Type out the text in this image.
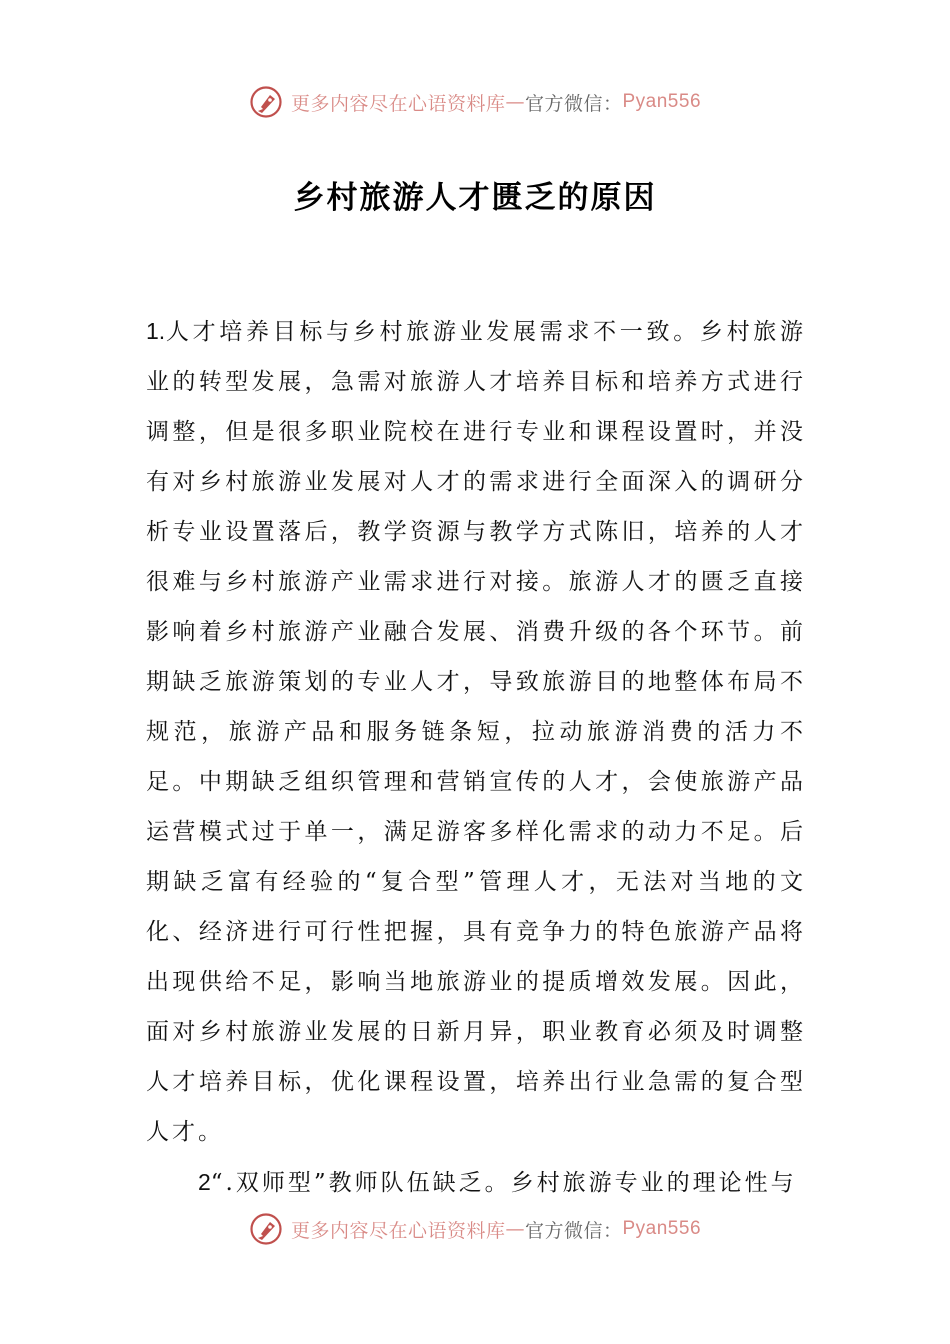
更多内容尽在心语资料库 — 官方微信： Pyan556
乡村旅游人才匮乏的原因

1.人才培养目标与乡村旅游业发展需求不一致。乡村旅游业的转型发展，急需对旅游人才培养目标和培养方式进行调整，但是很多职业院校在进行专业和课程设置时，并没有对乡村旅游业发展对人才的需求进行全面深入的调研分析专业设置落后，教学资源与教学方式陈旧，培养的人才很难与乡村旅游产业需求进行对接。旅游人才的匮乏直接影响着乡村旅游产业融合发展、消费升级的各个环节。前期缺乏旅游策划的专业人才，导致旅游目的地整体布局不规范，旅游产品和服务链条短，拉动旅游消费的活力不足。中期缺乏组织管理和营销宣传的人才，会使旅游产品运营模式过于单一，满足游客多样化需求的动力不足。后期缺乏富有经验的“复合型”管理人才，无法对当地的文化、经济进行可行性把握，具有竞争力的特色旅游产品将出现供给不足，影响当地旅游业的提质增效发展。因此，面对乡村旅游业发展的日新月异，职业教育必须及时调整人才培养目标，优化课程设置，培养出行业急需的复合型人才。

2“.双师型”教师队伍缺乏。乡村旅游专业的理论性与

更多内容尽在心语资料库 — 官方微信： Pyan556
